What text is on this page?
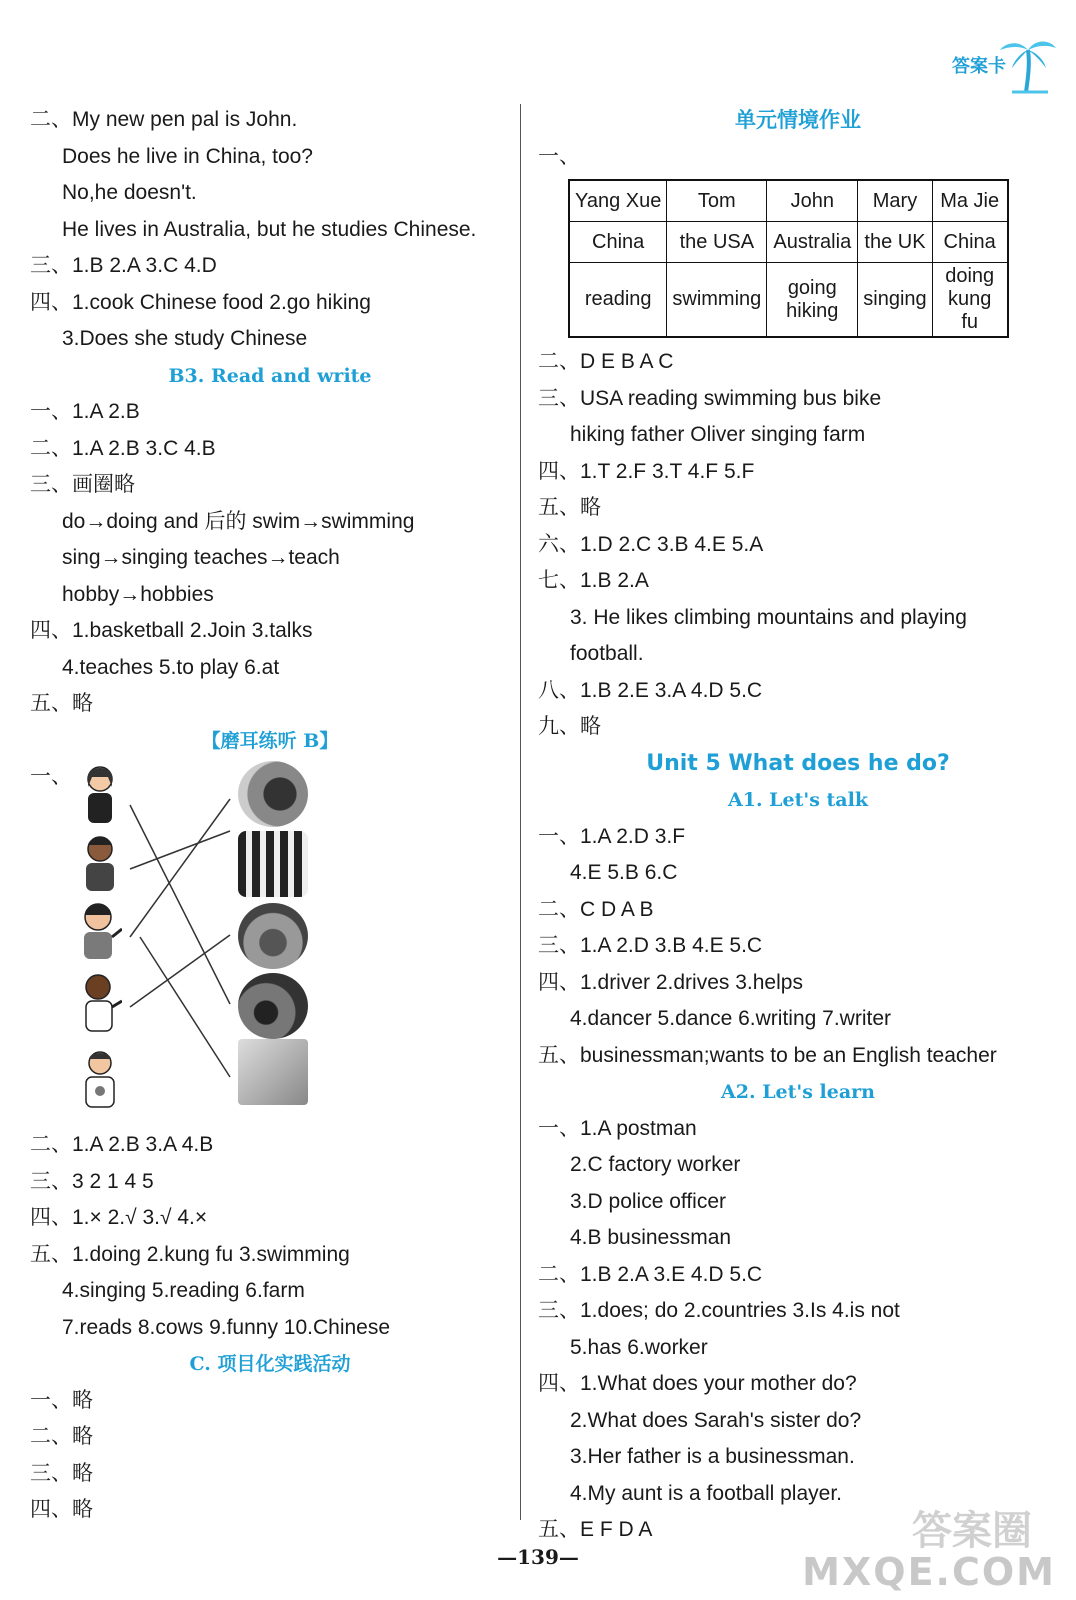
答案卡
二、My new pen pal is John.
Does he live in China, too?
No,he doesn't.
He lives in Australia, but he studies Chinese.
三、1.B 2.A 3.C 4.D
四、1.cook Chinese food 2.go hiking
3.Does she study Chinese
B3. Read and write
一、1.A 2.B
二、1.A 2.B 3.C 4.B
三、画圈略
do→doing and 后的 swim→swimming
sing→singing teaches→teach
hobby→hobbies
四、1.basketball 2.Join 3.talks
4.teaches 5.to play 6.at
五、略
【磨耳练听 B】
一、
二、1.A 2.B 3.A 4.B
三、3 2 1 4 5
四、1.× 2.√ 3.√ 4.×
五、1.doing 2.kung fu 3.swimming
4.singing 5.reading 6.farm
7.reads 8.cows 9.funny 10.Chinese
C. 项目化实践活动
一、略
二、略
三、略
四、略
单元情境作业
一、
Yang Xue	Tom	John	Mary	Ma Jie
China	the USA	Australia	the UK	China
reading	swimming	going hiking	singing	doing kung fu
二、D E B A C
三、USA reading swimming bus bike
hiking father Oliver singing farm
四、1.T 2.F 3.T 4.F 5.F
五、略
六、1.D 2.C 3.B 4.E 5.A
七、1.B 2.A
3. He likes climbing mountains and playing
football.
八、1.B 2.E 3.A 4.D 5.C
九、略
Unit 5 What does he do?
A1. Let's talk
一、1.A 2.D 3.F
4.E 5.B 6.C
二、C D A B
三、1.A 2.D 3.B 4.E 5.C
四、1.driver 2.drives 3.helps
4.dancer 5.dance 6.writing 7.writer
五、businessman;wants to be an English teacher
A2. Let's learn
一、1.A postman
2.C factory worker
3.D police officer
4.B businessman
二、1.B 2.A 3.E 4.D 5.C
三、1.does; do 2.countries 3.Is 4.is not
5.has 6.worker
四、1.What does your mother do?
2.What does Sarah's sister do?
3.Her father is a businessman.
4.My aunt is a football player.
五、E F D A
—139—
答案圈
MXQE.COM
